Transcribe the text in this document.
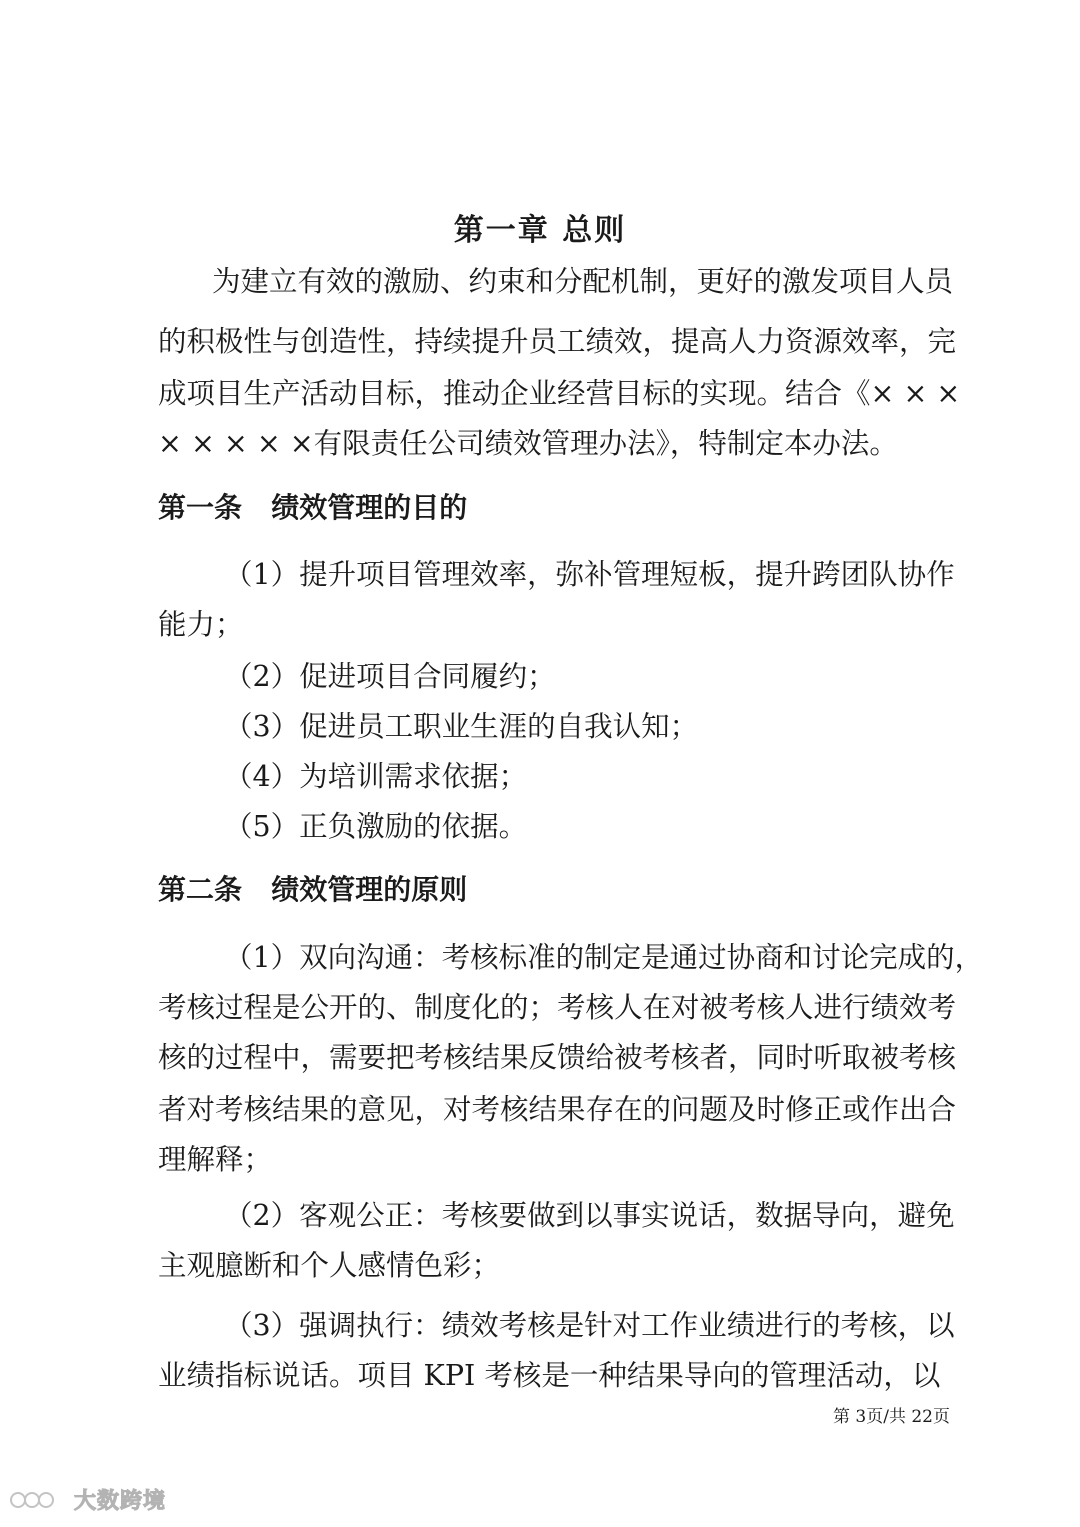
第一章 总则
为建立有效的激励、约束和分配机制，更好的激发项目人员
的积极性与创造性，持续提升员工绩效，提高人力资源效率，完
成项目生产活动目标，推动企业经营目标的实现。结合《× × ×
× × × × ×有限责任公司绩效管理办法》，特制定本办法。
第一条   绩效管理的目的
（1）提升项目管理效率，弥补管理短板，提升跨团队协作
能力；
（2）促进项目合同履约；
（3）促进员工职业生涯的自我认知；
（4）为培训需求依据；
（5）正负激励的依据。
第二条   绩效管理的原则
（1）双向沟通：考核标准的制定是通过协商和讨论完成的，
考核过程是公开的、制度化的；考核人在对被考核人进行绩效考
核的过程中，需要把考核结果反馈给被考核者，同时听取被考核
者对考核结果的意见，对考核结果存在的问题及时修正或作出合
理解释；
（2）客观公正：考核要做到以事实说话，数据导向，避免
主观臆断和个人感情色彩；
（3）强调执行：绩效考核是针对工作业绩进行的考核，以
业绩指标说话。项目 KPI 考核是一种结果导向的管理活动，以
第 3页/共 22页
大数跨境
